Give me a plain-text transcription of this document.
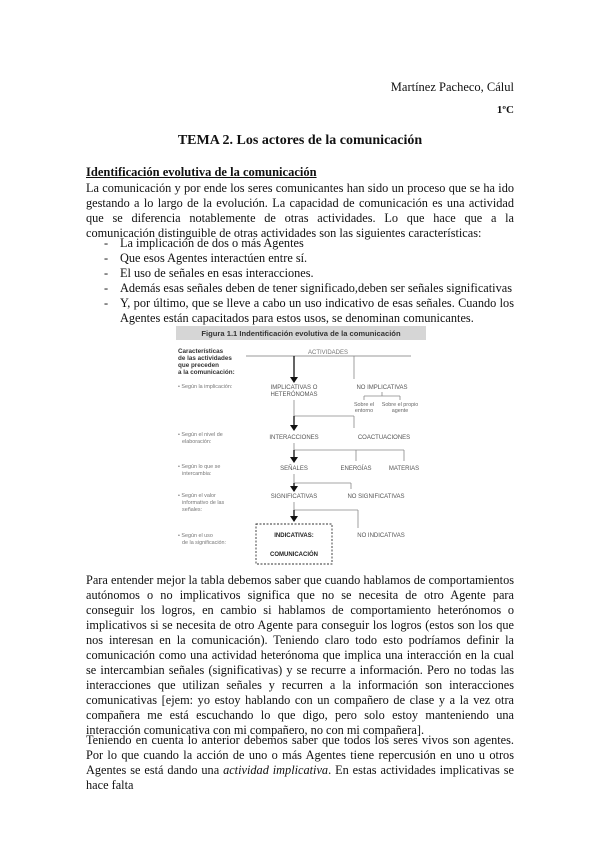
Martínez Pacheco, Cálul
1ºC
TEMA 2. Los actores de la comunicación
Identificación evolutiva de la comunicación
La comunicación y por ende los seres comunicantes han sido un proceso que se ha ido gestando a lo largo de la evolución. La capacidad de comunicación es una actividad que se diferencia notablemente de otras actividades. Lo que hace que a la comunicación distinguible de otras actividades son las siguientes características:
- La implicación de dos o más Agentes
- Que esos Agentes interactúen entre sí.
- El uso de señales en esas interacciones.
- Además esas señales deben de tener significado,deben ser señales significativas
- Y, por último, que se lleve a cabo un uso indicativo de esas señales. Cuando los Agentes están capacitados para estos usos, se denominan comunicantes.
Figura 1.1 Indentificación evolutiva de la comunicación
Características
de las actividades
que preceden
a la comunicación:
• Según la implicación:
• Según el nivel de
elaboración:
• Según lo que se
intercambia:
• Según el valor
informativo de las
señales:
• Según el uso
de la significación:
ACTIVIDADES
IMPLICATIVAS O
HETERÓNOMAS
NO IMPLICATIVAS
Sobre el
entorno
Sobre el propio
agente
INTERACCIONES	COACTUACIONES
SEÑALES	ENERGÍAS	MATERIAS
SIGNIFICATIVAS	NO SIGNIFICATIVAS
INDICATIVAS:
COMUNICACIÓN
NO INDICATIVAS
Para entender mejor la tabla debemos saber que cuando hablamos de comportamientos autónomos o no implicativos significa que no se necesita de otro Agente para conseguir los logros, en cambio si hablamos de comportamiento heterónomos o implicativos si se necesita de otro Agente para conseguir los logros (estos son los que nos interesan en la comunicación). Teniendo claro todo esto podríamos definir la comunicación como una actividad heterónoma que implica una interacción en la cual se intercambian señales (significativas) y se recurre a información. Pero no todas las interacciones que utilizan señales y recurren a la información son interacciones comunicativas [ejem: yo estoy hablando con un compañero de clase y a la vez otra compañera me está escuchando lo que digo, pero solo estoy manteniendo una interacción comunicativa con mi compañero, no con mi compañera].
Teniendo en cuenta lo anterior debemos saber que todos los seres vivos son agentes. Por lo que cuando la acción de uno o más Agentes tiene repercusión en uno u otros Agentes se está dando una actividad implicativa. En estas actividades implicativas se hace falta
